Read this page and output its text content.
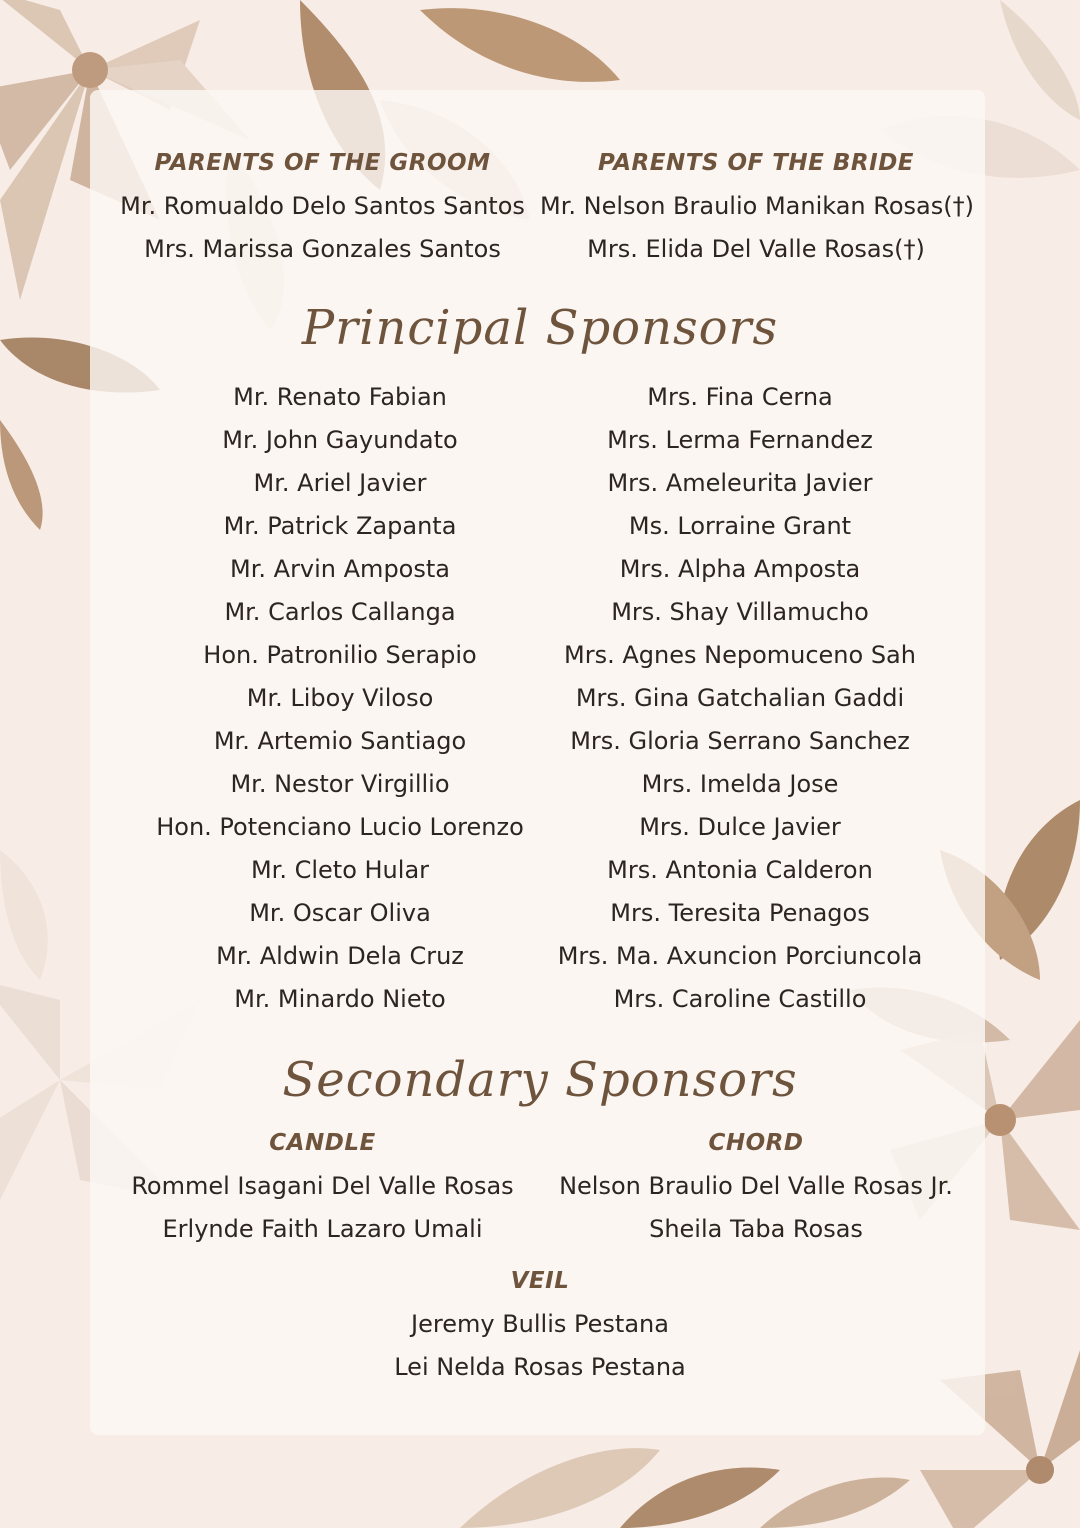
PARENTS OF THE GROOM
Mr. Romualdo Delo Santos Santos
Mrs. Marissa Gonzales Santos
PARENTS OF THE BRIDE
Mr. Nelson Braulio Manikan Rosas(†)
Mrs. Elida Del Valle Rosas(†)
Principal Sponsors
Mr. Renato Fabian
Mr. John Gayundato
Mr. Ariel Javier
Mr. Patrick Zapanta
Mr. Arvin Amposta
Mr. Carlos Callanga
Hon. Patronilio Serapio
Mr. Liboy Viloso
Mr. Artemio Santiago
Mr. Nestor Virgillio
Hon. Potenciano Lucio Lorenzo
Mr. Cleto Hular
Mr. Oscar Oliva
Mr. Aldwin Dela Cruz
Mr. Minardo Nieto
Mrs. Fina Cerna
Mrs. Lerma Fernandez
Mrs. Ameleurita Javier
Ms. Lorraine Grant
Mrs. Alpha Amposta
Mrs. Shay Villamucho
Mrs. Agnes Nepomuceno Sah
Mrs. Gina Gatchalian Gaddi
Mrs. Gloria Serrano Sanchez
Mrs. Imelda Jose
Mrs. Dulce Javier
Mrs. Antonia Calderon
Mrs. Teresita Penagos
Mrs. Ma. Axuncion Porciuncola
Mrs. Caroline Castillo
Secondary Sponsors
CANDLE
Rommel Isagani Del Valle Rosas
Erlynde Faith Lazaro Umali
CHORD
Nelson Braulio Del Valle Rosas Jr.
Sheila Taba Rosas
VEIL
Jeremy Bullis Pestana
Lei Nelda Rosas Pestana
